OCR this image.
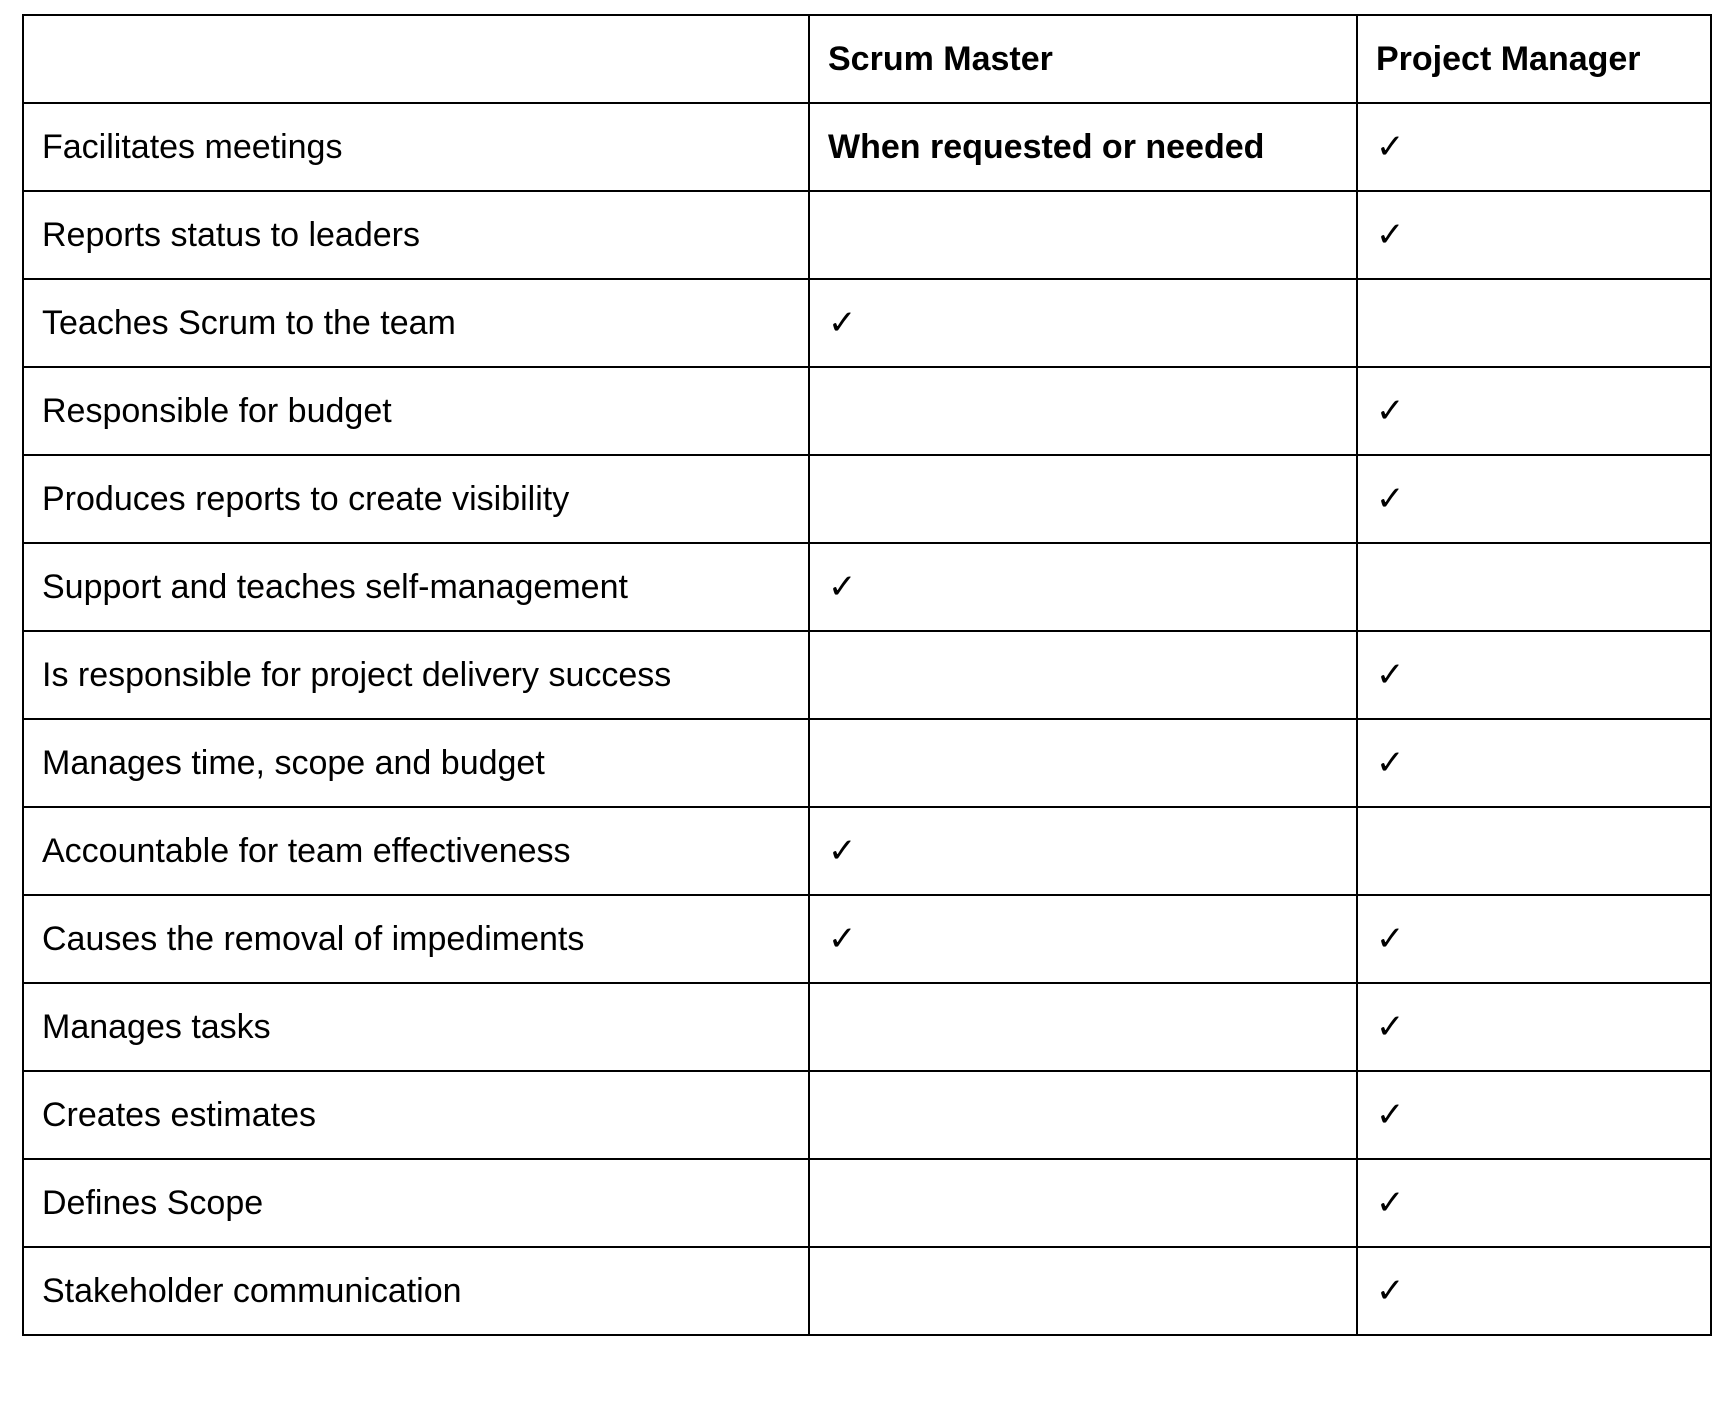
	Scrum Master	Project Manager
Facilitates meetings	When requested or needed	✓
Reports status to leaders		✓
Teaches Scrum to the team	✓	
Responsible for budget		✓
Produces reports to create visibility		✓
Support and teaches self-management	✓	
Is responsible for project delivery success		✓
Manages time, scope and budget		✓
Accountable for team effectiveness	✓	
Causes the removal of impediments	✓	✓
Manages tasks		✓
Creates estimates		✓
Defines Scope		✓
Stakeholder communication		✓
